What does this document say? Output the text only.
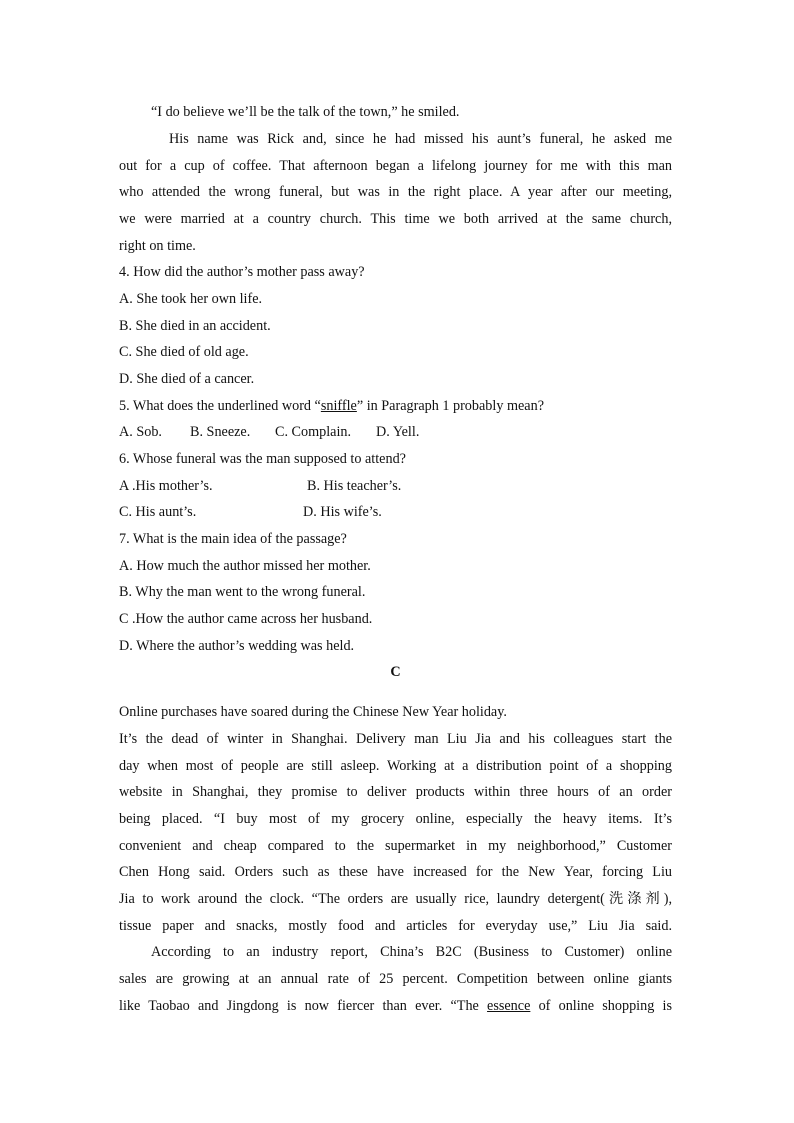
“I do believe we’ll be the talk of the town,” he smiled.

His name was Rick and, since he had missed his aunt’s funeral, he asked me

out for a cup of coffee. That afternoon began a lifelong journey for me with this man

who attended the wrong funeral, but was in the right place. A year after our meeting,

we were married at a country church. This time we both arrived at the same church,

right on time.

4. How did the author’s mother pass away?

A. She took her own life.

B. She died in an accident.

C. She died of old age.

D. She died of a cancer.

5. What does the underlined word “sniffle” in Paragraph 1 probably mean?

A. Sob. B. Sneeze. C. Complain. D. Yell.

6. Whose funeral was the man supposed to attend?

A .His mother’s.	B. His teacher’s.

C. His aunt’s.	D. His wife’s.

7. What is the main idea of the passage?

A. How much the author missed her mother.

B. Why the man went to the wrong funeral.

C .How the author came across her husband.

D. Where the author’s wedding was held.

C

Online purchases have soared during the Chinese New Year holiday.

It’s the dead of winter in Shanghai. Delivery man Liu Jia and his colleagues start the

day when most of people are still asleep. Working at a distribution point of a shopping

website in Shanghai, they promise to deliver products within three hours of an order

being placed. “I buy most of my grocery online, especially the heavy items. It’s

convenient and cheap compared to the supermarket in my neighborhood,” Customer

Chen Hong said. Orders such as these have increased for the New Year, forcing Liu

Jia to work around the clock. “The orders are usually rice, laundry detergent(洗涤剂),

tissue paper and snacks, mostly food and articles for everyday use,” Liu Jia said.

According to an industry report, China’s B2C (Business to Customer) online

sales are growing at an annual rate of 25 percent. Competition between online giants

like Taobao and Jingdong is now fiercer than ever. “The essence of online shopping is
